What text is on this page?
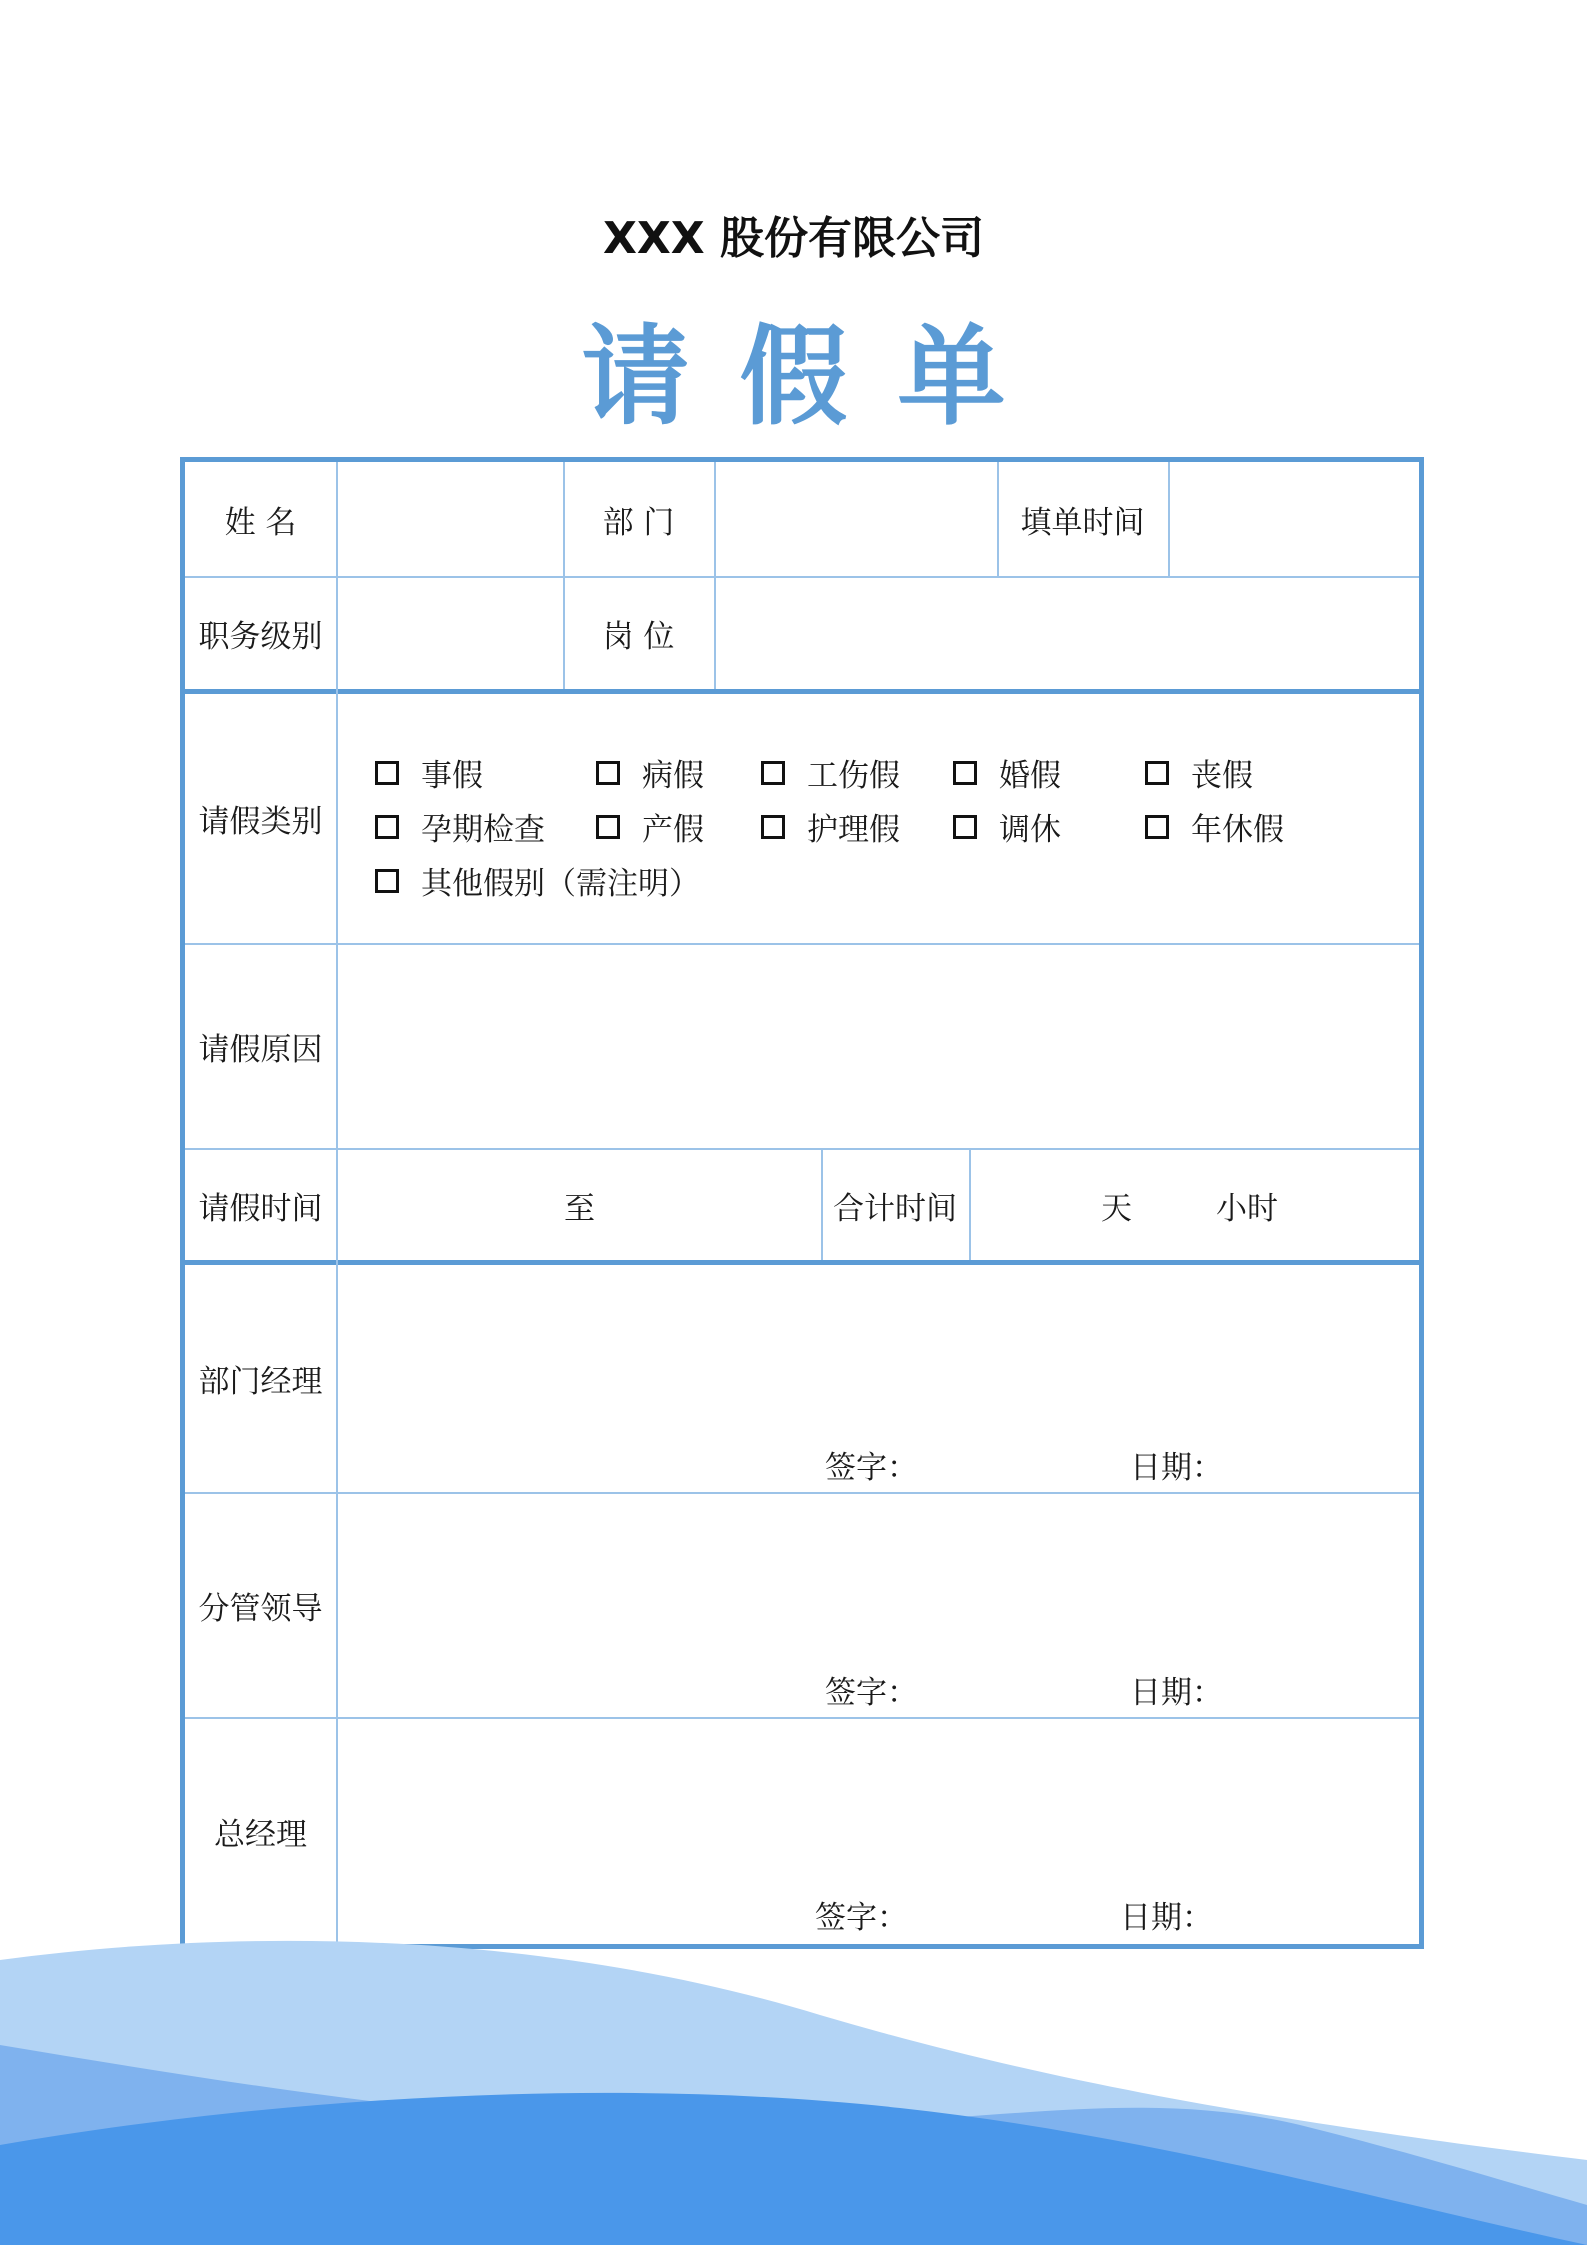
XXX 股份有限公司
请假单
姓 名	部 门	填单时间
职务级别	岗 位
请假类别
事假	病假	工伤假	婚假	丧假
孕期检查	产假	护理假	调休	年休假
其他假别（需注明）
请假原因
请假时间	至	合计时间	天	小时
部门经理
签字：	日期：
分管领导
签字：	日期：
总经理
签字：	日期：
